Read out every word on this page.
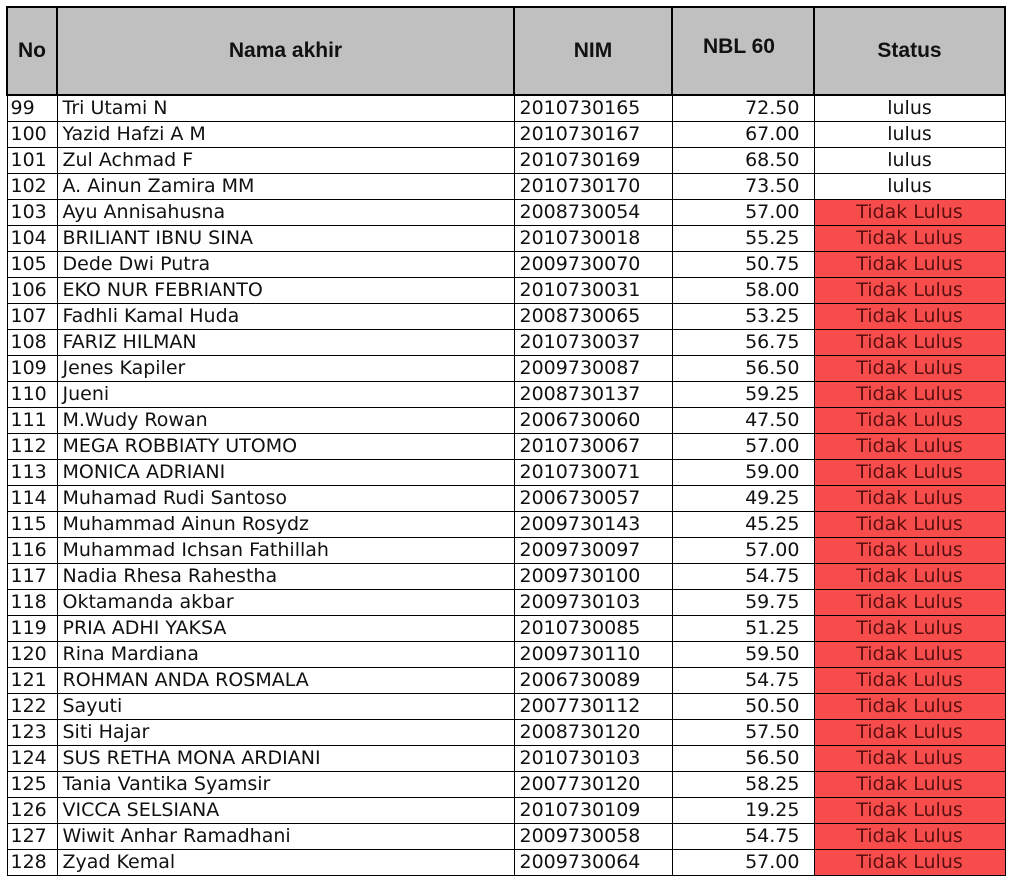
No	Nama akhir	NIM	NBL 60	Status
99	Tri Utami N	2010730165	72.50	lulus
100	Yazid Hafzi A M	2010730167	67.00	lulus
101	Zul Achmad F	2010730169	68.50	lulus
102	A. Ainun Zamira MM	2010730170	73.50	lulus
103	Ayu Annisahusna	2008730054	57.00	Tidak Lulus
104	BRILIANT IBNU SINA	2010730018	55.25	Tidak Lulus
105	Dede Dwi Putra	2009730070	50.75	Tidak Lulus
106	EKO NUR FEBRIANTO	2010730031	58.00	Tidak Lulus
107	Fadhli Kamal Huda	2008730065	53.25	Tidak Lulus
108	FARIZ HILMAN	2010730037	56.75	Tidak Lulus
109	Jenes Kapiler	2009730087	56.50	Tidak Lulus
110	Jueni	2008730137	59.25	Tidak Lulus
111	M.Wudy Rowan	2006730060	47.50	Tidak Lulus
112	MEGA ROBBIATY UTOMO	2010730067	57.00	Tidak Lulus
113	MONICA ADRIANI	2010730071	59.00	Tidak Lulus
114	Muhamad Rudi Santoso	2006730057	49.25	Tidak Lulus
115	Muhammad Ainun Rosydz	2009730143	45.25	Tidak Lulus
116	Muhammad Ichsan Fathillah	2009730097	57.00	Tidak Lulus
117	Nadia Rhesa Rahestha	2009730100	54.75	Tidak Lulus
118	Oktamanda akbar	2009730103	59.75	Tidak Lulus
119	PRIA ADHI YAKSA	2010730085	51.25	Tidak Lulus
120	Rina Mardiana	2009730110	59.50	Tidak Lulus
121	ROHMAN ANDA ROSMALA	2006730089	54.75	Tidak Lulus
122	Sayuti	2007730112	50.50	Tidak Lulus
123	Siti Hajar	2008730120	57.50	Tidak Lulus
124	SUS RETHA MONA ARDIANI	2010730103	56.50	Tidak Lulus
125	Tania Vantika Syamsir	2007730120	58.25	Tidak Lulus
126	VICCA SELSIANA	2010730109	19.25	Tidak Lulus
127	Wiwit Anhar Ramadhani	2009730058	54.75	Tidak Lulus
128	Zyad Kemal	2009730064	57.00	Tidak Lulus
